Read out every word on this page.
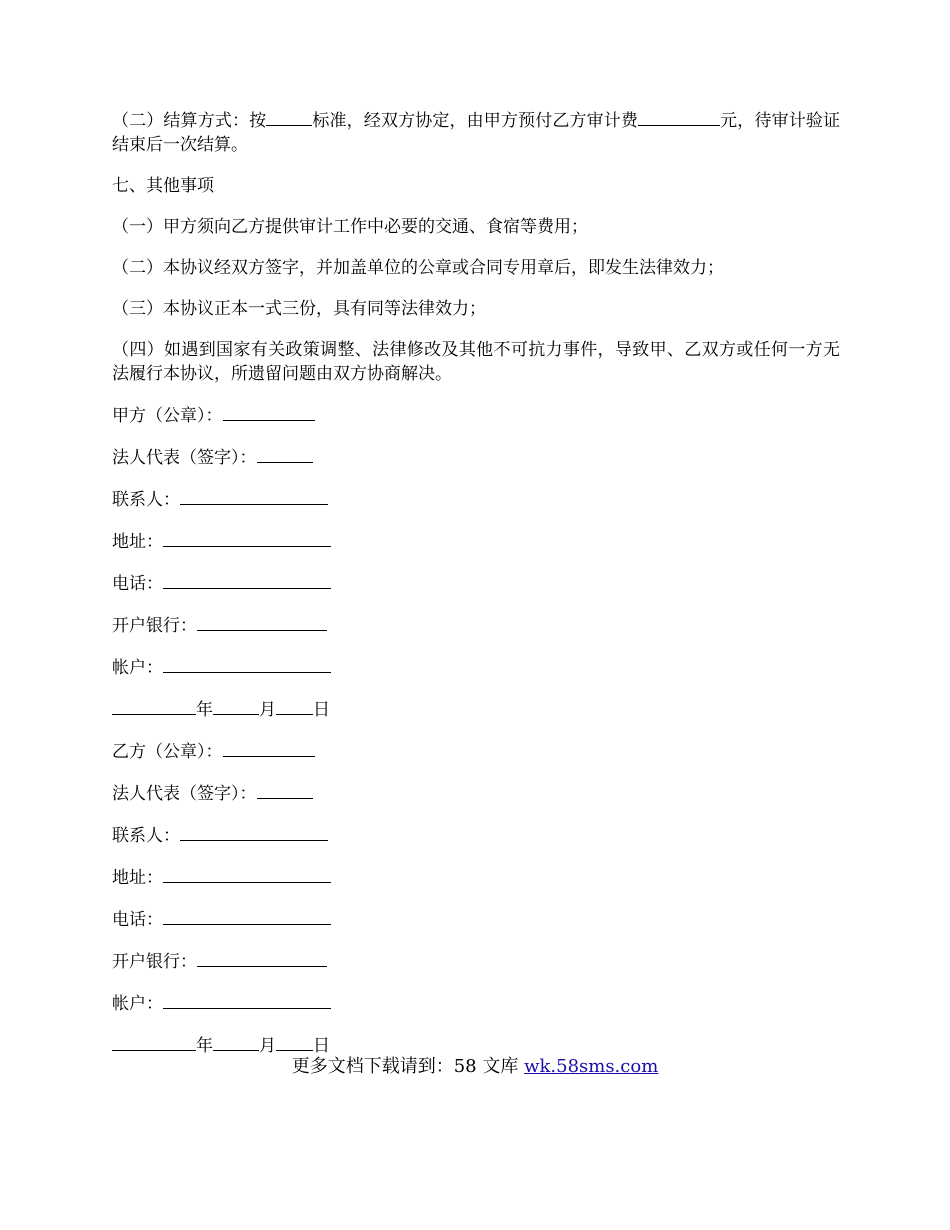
（二）结算方式：按	标准，经双方协定，由甲方预付乙方审计费	元，待审计验证结束后一次结算。

七、其他事项

（一）甲方须向乙方提供审计工作中必要的交通、食宿等费用；

（二）本协议经双方签字，并加盖单位的公章或合同专用章后，即发生法律效力；

（三）本协议正本一式三份，具有同等法律效力；

（四）如遇到国家有关政策调整、法律修改及其他不可抗力事件，导致甲、乙双方或任何一方无法履行本协议，所遗留问题由双方协商解决。

甲方（公章）：

法人代表（签字）：

联系人：

地址：

电话：

开户银行：

帐户：

年	月 日

乙方（公章）：

法人代表（签字）：

联系人：

地址：

电话：

开户银行：

帐户：

年	月 日

更多文档下载请到：58 文库 wk.58sms.com
